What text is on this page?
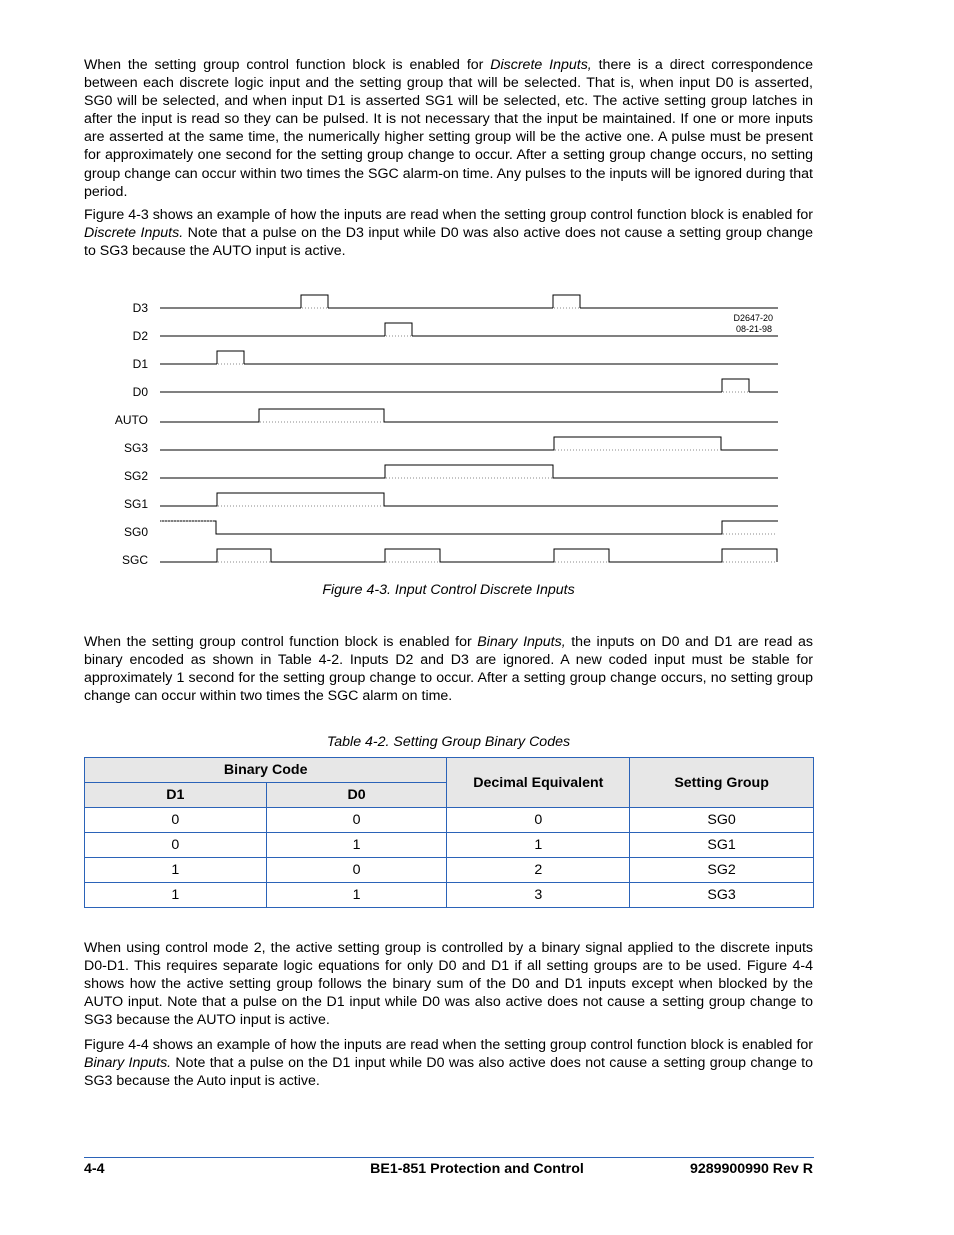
When the setting group control function block is enabled for Discrete Inputs, there is a direct correspondence between each discrete logic input and the setting group that will be selected. That is, when input D0 is asserted, SG0 will be selected, and when input D1 is asserted SG1 will be selected, etc. The active setting group latches in after the input is read so they can be pulsed. It is not necessary that the input be maintained. If one or more inputs are asserted at the same time, the numerically higher setting group will be the active one. A pulse must be present for approximately one second for the setting group change to occur. After a setting group change occurs, no setting group change can occur within two times the SGC alarm-on time. Any pulses to the inputs will be ignored during that period.

Figure 4-3 shows an example of how the inputs are read when the setting group control function block is enabled for Discrete Inputs. Note that a pulse on the D3 input while D0 was also active does not cause a setting group change to SG3 because the AUTO input is active.

D3
D2
D1
D0
AUTO
SG3
SG2
SG1
SG0
SGC
D2647-20
08-21-98

Figure 4-3. Input Control Discrete Inputs

When the setting group control function block is enabled for Binary Inputs, the inputs on D0 and D1 are read as binary encoded as shown in Table 4-2. Inputs D2 and D3 are ignored. A new coded input must be stable for approximately 1 second for the setting group change to occur. After a setting group change occurs, no setting group change can occur within two times the SGC alarm on time.

Table 4-2. Setting Group Binary Codes

Binary Code		Decimal Equivalent	Setting Group
D1	D0		
0	0	0	SG0
0	1	1	SG1
1	0	2	SG2
1	1	3	SG3

When using control mode 2, the active setting group is controlled by a binary signal applied to the discrete inputs D0-D1. This requires separate logic equations for only D0 and D1 if all setting groups are to be used. Figure 4-4 shows how the active setting group follows the binary sum of the D0 and D1 inputs except when blocked by the AUTO input. Note that a pulse on the D1 input while D0 was also active does not cause a setting group change to SG3 because the AUTO input is active.

Figure 4-4 shows an example of how the inputs are read when the setting group control function block is enabled for Binary Inputs. Note that a pulse on the D1 input while D0 was also active does not cause a setting group change to SG3 because the Auto input is active.

4-4	BE1-851 Protection and Control	9289900990 Rev R
